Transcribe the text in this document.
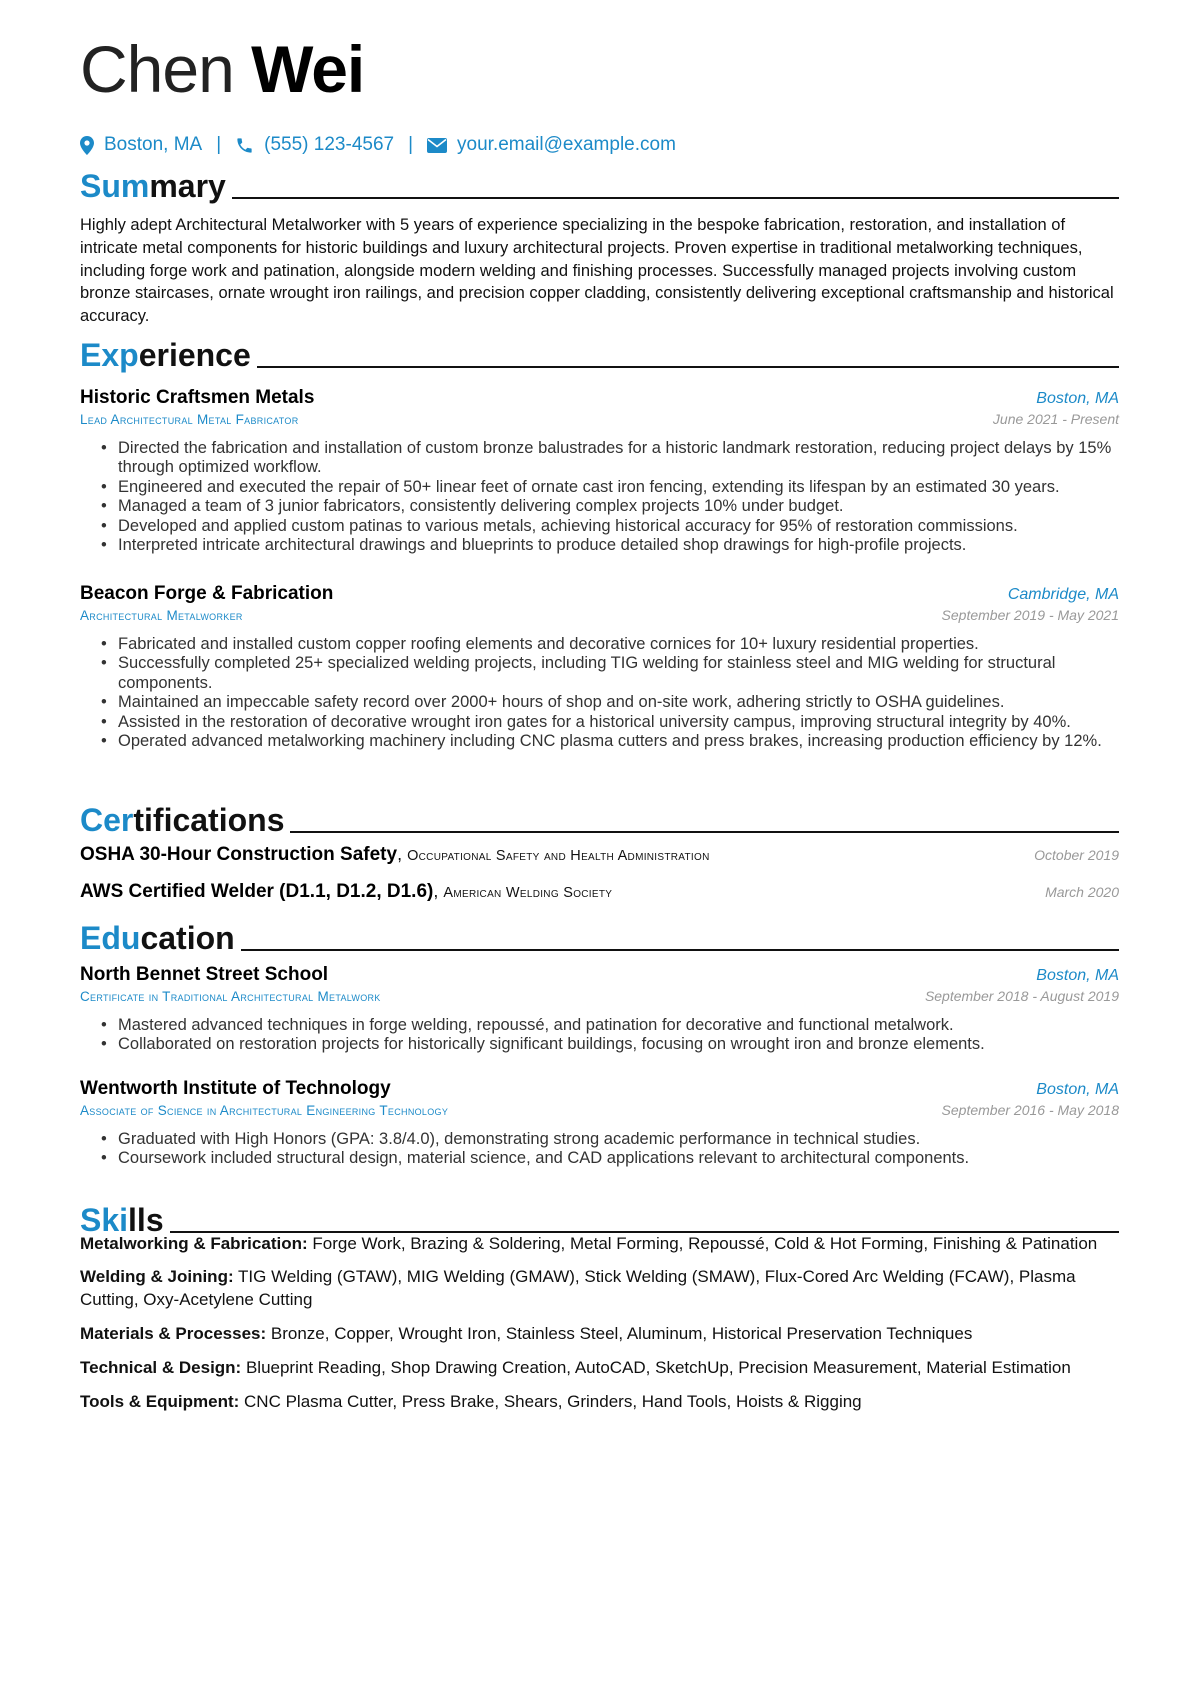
Chen Wei
Boston, MA | (555) 123-4567 | your.email@example.com
Summary
Highly adept Architectural Metalworker with 5 years of experience specializing in the bespoke fabrication, restoration, and installation of intricate metal components for historic buildings and luxury architectural projects. Proven expertise in traditional metalworking techniques, including forge work and patination, alongside modern welding and finishing processes. Successfully managed projects involving custom bronze staircases, ornate wrought iron railings, and precision copper cladding, consistently delivering exceptional craftsmanship and historical accuracy.
Experience
Historic Craftsmen Metals	Boston, MA
Lead Architectural Metal Fabricator	June 2021 - Present
• Directed the fabrication and installation of custom bronze balustrades for a historic landmark restoration, reducing project delays by 15% through optimized workflow.
• Engineered and executed the repair of 50+ linear feet of ornate cast iron fencing, extending its lifespan by an estimated 30 years.
• Managed a team of 3 junior fabricators, consistently delivering complex projects 10% under budget.
• Developed and applied custom patinas to various metals, achieving historical accuracy for 95% of restoration commissions.
• Interpreted intricate architectural drawings and blueprints to produce detailed shop drawings for high-profile projects.
Beacon Forge & Fabrication	Cambridge, MA
Architectural Metalworker	September 2019 - May 2021
• Fabricated and installed custom copper roofing elements and decorative cornices for 10+ luxury residential properties.
• Successfully completed 25+ specialized welding projects, including TIG welding for stainless steel and MIG welding for structural components.
• Maintained an impeccable safety record over 2000+ hours of shop and on-site work, adhering strictly to OSHA guidelines.
• Assisted in the restoration of decorative wrought iron gates for a historical university campus, improving structural integrity by 40%.
• Operated advanced metalworking machinery including CNC plasma cutters and press brakes, increasing production efficiency by 12%.
Certifications
OSHA 30-Hour Construction Safety, Occupational Safety and Health Administration	October 2019
AWS Certified Welder (D1.1, D1.2, D1.6), American Welding Society	March 2020
Education
North Bennet Street School	Boston, MA
Certificate in Traditional Architectural Metalwork	September 2018 - August 2019
• Mastered advanced techniques in forge welding, repoussé, and patination for decorative and functional metalwork.
• Collaborated on restoration projects for historically significant buildings, focusing on wrought iron and bronze elements.
Wentworth Institute of Technology	Boston, MA
Associate of Science in Architectural Engineering Technology	September 2016 - May 2018
• Graduated with High Honors (GPA: 3.8/4.0), demonstrating strong academic performance in technical studies.
• Coursework included structural design, material science, and CAD applications relevant to architectural components.
Skills
Metalworking & Fabrication: Forge Work, Brazing & Soldering, Metal Forming, Repoussé, Cold & Hot Forming, Finishing & Patination
Welding & Joining: TIG Welding (GTAW), MIG Welding (GMAW), Stick Welding (SMAW), Flux-Cored Arc Welding (FCAW), Plasma Cutting, Oxy-Acetylene Cutting
Materials & Processes: Bronze, Copper, Wrought Iron, Stainless Steel, Aluminum, Historical Preservation Techniques
Technical & Design: Blueprint Reading, Shop Drawing Creation, AutoCAD, SketchUp, Precision Measurement, Material Estimation
Tools & Equipment: CNC Plasma Cutter, Press Brake, Shears, Grinders, Hand Tools, Hoists & Rigging
